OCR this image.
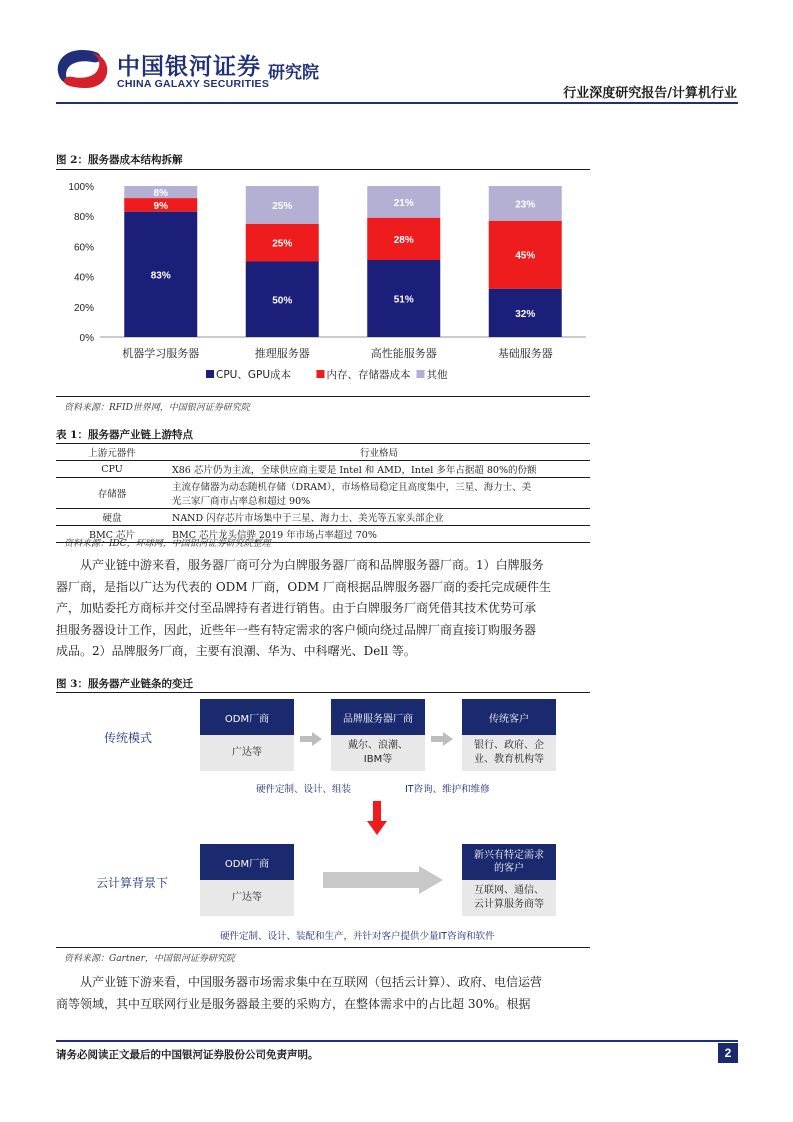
中国银河证券
CHINA GALAXY SECURITIES
研究院
行业深度研究报告/计算机行业
图 2：服务器成本结构拆解
0%
20%
40%
60%
80%
100%
83%
9%
8%
机器学习服务器
50%
25%
25%
推理服务器
51%
28%
21%
高性能服务器
32%
45%
23%
基础服务器
CPU、GPU成本	内存、存储器成本 其他
资料来源：RFID世界网，中国银河证券研究院
表 1：服务器产业链上游特点
上游元器件	行业格局
CPU	X86 芯片仍为主流，全球供应商主要是 Intel 和 AMD，Intel 多年占据超 80%的份额
存储器	主流存储器为动态随机存储（DRAM），市场格局稳定且高度集中，三星、海力士、美
光三家厂商市占率总和超过 90%

硬盘	NAND 闪存芯片市场集中于三星、海力士、美光等五家头部企业
BMC 芯片	BMC 芯片龙头信骅 2019 年市场占率超过 70%
资料来源：IDC，环球网，中国银河证券研究院整理
从产业链中游来看，服务器厂商可分为白牌服务器厂商和品牌服务器厂商。1）白牌服务
器厂商，是指以广达为代表的 ODM 厂商，ODM 厂商根据品牌服务器厂商的委托完成硬件生
产，加贴委托方商标并交付至品牌持有者进行销售。由于白牌服务厂商凭借其技术优势可承
担服务器设计工作，因此，近些年一些有特定需求的客户倾向绕过品牌厂商直接订购服务器
成品。2）品牌服务厂商，主要有浪潮、华为、中科曙光、Dell 等。
图 3：服务器产业链条的变迁
传统模式
ODM厂商
广达等
品牌服务器厂商
戴尔、浪潮、
IBM等
传统客户
银行、政府、企
业、教育机构等
硬件定制、设计、组装	IT咨询、维护和维修
云计算背景下
ODM厂商
广达等
新兴有特定需求
的客户
互联网、通信、
云计算服务商等
硬件定制、设计、装配和生产，并针对客户提供少量IT咨询和软件
资料来源：Gartner，中国银河证券研究院
从产业链下游来看，中国服务器市场需求集中在互联网（包括云计算）、政府、电信运营
商等领域，其中互联网行业是服务器最主要的采购方，在整体需求中的占比超 30%。根据
请务必阅读正文最后的中国银河证券股份公司免责声明。	2
